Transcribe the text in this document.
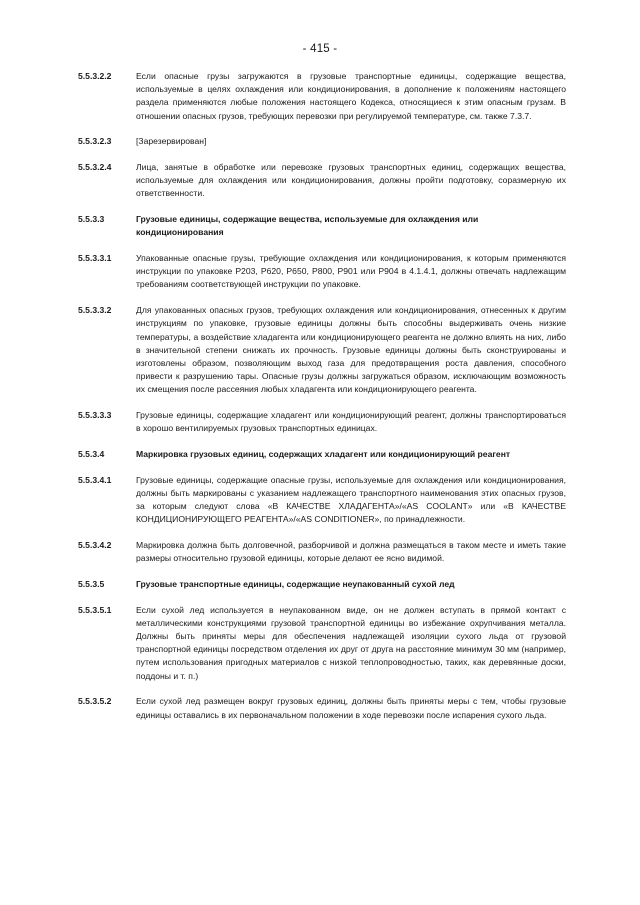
- 415 -
5.5.3.2.2	Если опасные грузы загружаются в грузовые транспортные единицы, содержащие вещества, используемые в целях охлаждения или кондиционирования, в дополнение к положениям настоящего раздела применяются любые положения настоящего Кодекса, относящиеся к этим опасным грузам. В отношении опасных грузов, требующих перевозки при регулируемой температуре, см. также 7.3.7.
5.5.3.2.3	[Зарезервирован]
5.5.3.2.4	Лица, занятые в обработке или перевозке грузовых транспортных единиц, содержащих вещества, используемые для охлаждения или кондиционирования, должны пройти подготовку, соразмерную их ответственности.
5.5.3.3	Грузовые единицы, содержащие вещества, используемые для охлаждения или кондиционирования
5.5.3.3.1	Упакованные опасные грузы, требующие охлаждения или кондиционирования, к которым применяются инструкции по упаковке P203, P620, P650, P800, P901 или P904 в 4.1.4.1, должны отвечать надлежащим требованиям соответствующей инструкции по упаковке.
5.5.3.3.2	Для упакованных опасных грузов, требующих охлаждения или кондиционирования, отнесенных к другим инструкциям по упаковке, грузовые единицы должны быть способны выдерживать очень низкие температуры, а воздействие хладагента или кондиционирующего реагента не должно влиять на них, либо в значительной степени снижать их прочность. Грузовые единицы должны быть сконструированы и изготовлены образом, позволяющим выход газа для предотвращения роста давления, способного привести к разрушению тары. Опасные грузы должны загружаться образом, исключающим возможность их смещения после рассеяния любых хладагента или кондиционирующего реагента.
5.5.3.3.3	Грузовые единицы, содержащие хладагент или кондиционирующий реагент, должны транспортироваться в хорошо вентилируемых грузовых транспортных единицах.
5.5.3.4	Маркировка грузовых единиц, содержащих хладагент или кондиционирующий реагент
5.5.3.4.1	Грузовые единицы, содержащие опасные грузы, используемые для охлаждения или кондиционирования, должны быть маркированы с указанием надлежащего транспортного наименования этих опасных грузов, за которым следуют слова «В КАЧЕСТВЕ ХЛАДАГЕНТА»/«AS COOLANT» или «В КАЧЕСТВЕ КОНДИЦИОНИРУЮЩЕГО РЕАГЕНТА»/«AS CONDITIONER», по принадлежности.
5.5.3.4.2	Маркировка должна быть долговечной, разборчивой и должна размещаться в таком месте и иметь такие размеры относительно грузовой единицы, которые делают ее ясно видимой.
5.5.3.5	Грузовые транспортные единицы, содержащие неупакованный сухой лед
5.5.3.5.1	Если сухой лед используется в неупакованном виде, он не должен вступать в прямой контакт с металлическими конструкциями грузовой транспортной единицы во избежание охрупчивания металла. Должны быть приняты меры для обеспечения надлежащей изоляции сухого льда от грузовой транспортной единицы посредством отделения их друг от друга на расстояние минимум 30 мм (например, путем использования пригодных материалов с низкой теплопроводностью, таких, как деревянные доски, поддоны и т. п.)
5.5.3.5.2	Если сухой лед размещен вокруг грузовых единиц, должны быть приняты меры с тем, чтобы грузовые единицы оставались в их первоначальном положении в ходе перевозки после испарения сухого льда.
